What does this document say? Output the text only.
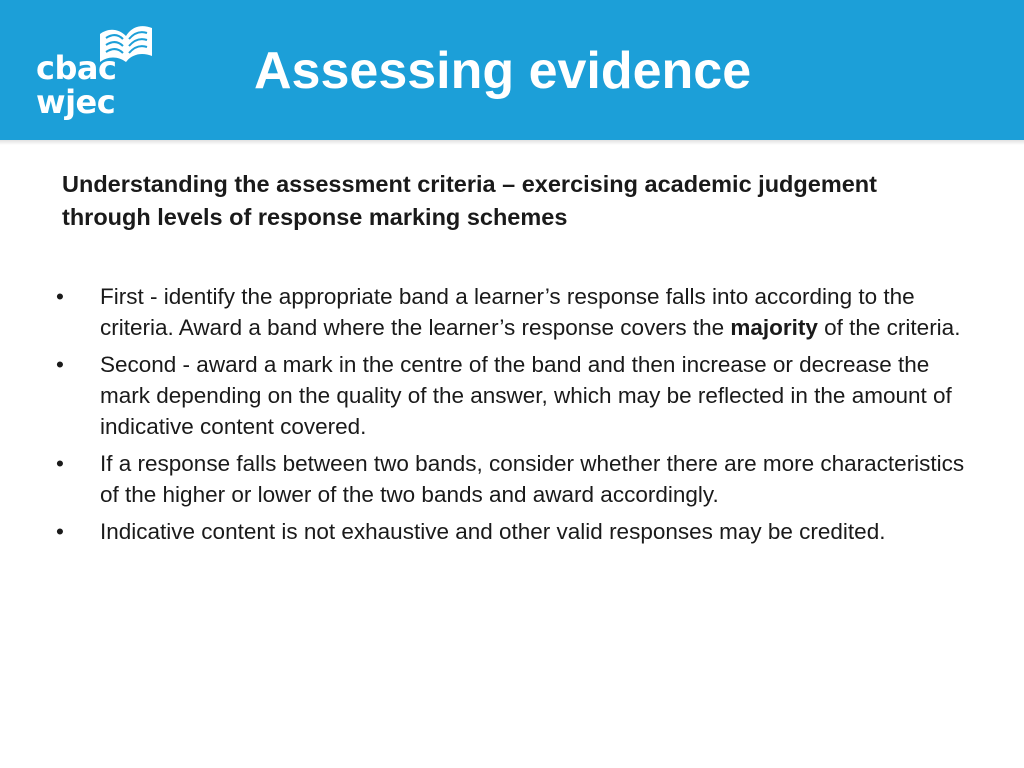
cbac
wjec
Assessing evidence
Understanding the assessment criteria – exercising academic judgement through levels of response marking schemes
•	First - identify the appropriate band a learner’s response falls into according to the criteria. Award a band where the learner’s response covers the majority of the criteria.
•	Second - award a mark in the centre of the band and then increase or decrease the mark depending on the quality of the answer, which may be reflected in the amount of indicative content covered.
•	If a response falls between two bands, consider whether there are more characteristics of the higher or lower of the two bands and award accordingly.
•	Indicative content is not exhaustive and other valid responses may be credited.
